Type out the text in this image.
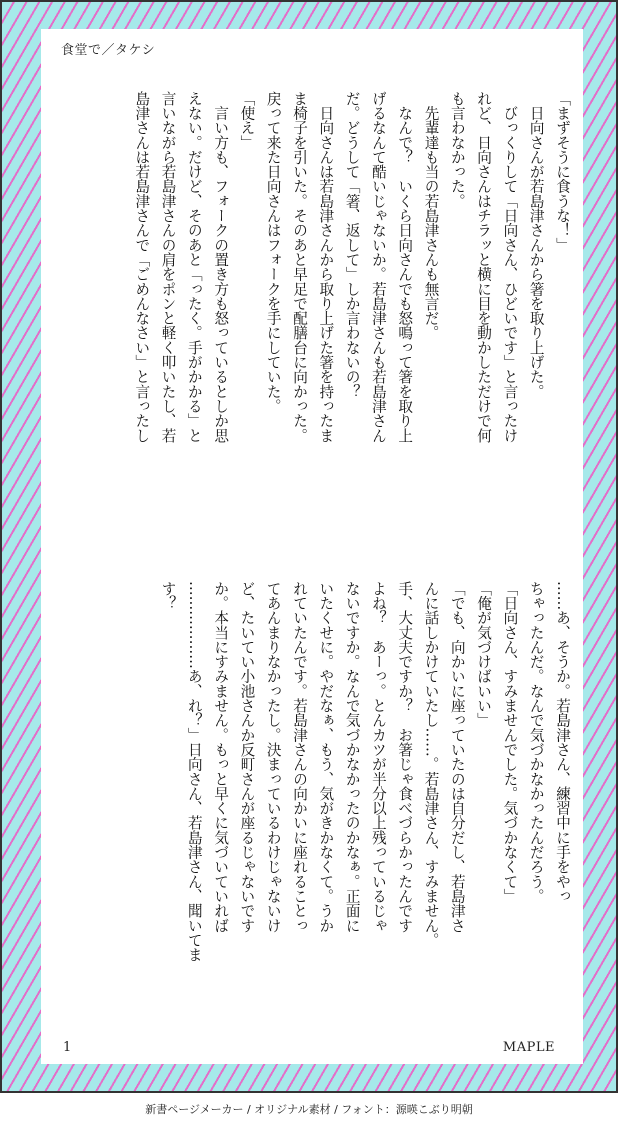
食堂で／タケシ

「まずそうに食うな！」

　日向さんが若島津さんから箸を取り上げた。

　びっくりして「日向さん、ひどいです」と言ったけ

れど、日向さんはチラッと横に目を動かしただけで何

も言わなかった。

　先輩達も当の若島津さんも無言だ。

　なんで？　いくら日向さんでも怒鳴って箸を取り上

げるなんて酷いじゃないか。若島津さんも若島津さん

だ。どうして「箸、返して」しか言わないの？

　日向さんは若島津さんから取り上げた箸を持ったま

ま椅子を引いた。そのあと早足で配膳台に向かった。

戻って来た日向さんはフォークを手にしていた。

「使え」

　言い方も、フォークの置き方も怒っているとしか思

えない。だけど、そのあと「ったく。手がかかる」と

言いながら若島津さんの肩をポンと軽く叩いたし、若

島津さんは若島津さんで「ごめんなさい」と言ったし

……あ、そうか。若島津さん、練習中に手をやっ

ちゃったんだ。なんで気づかなかったんだろう。

「日向さん、すみませんでした。気づかなくて」

「俺が気づけばいい」

「でも、向かいに座っていたのは自分だし、若島津さ

んに話しかけていたし……。若島津さん、すみません。

手、大丈夫ですか？　お箸じゃ食べづらかったんです

よね？　あーっ。とんカツが半分以上残っているじゃ

ないですか。なんで気づかなかったのかなぁ。正面に

いたくせに。やだなぁ、もう、気がきかなくて。うか

れていたんです。若島津さんの向かいに座れることっ

てあんまりなかったし。決まっているわけじゃないけ

ど、たいてい小池さんか反町さんが座るじゃないです

か。本当にすみません。もっと早くに気づいていれば

………………あ、れ？」日向さん、若島津さん、聞いてま

す？

1	MAPLE
新書ページメーカー / オリジナル素材 / フォント：源暎こぶり明朝
